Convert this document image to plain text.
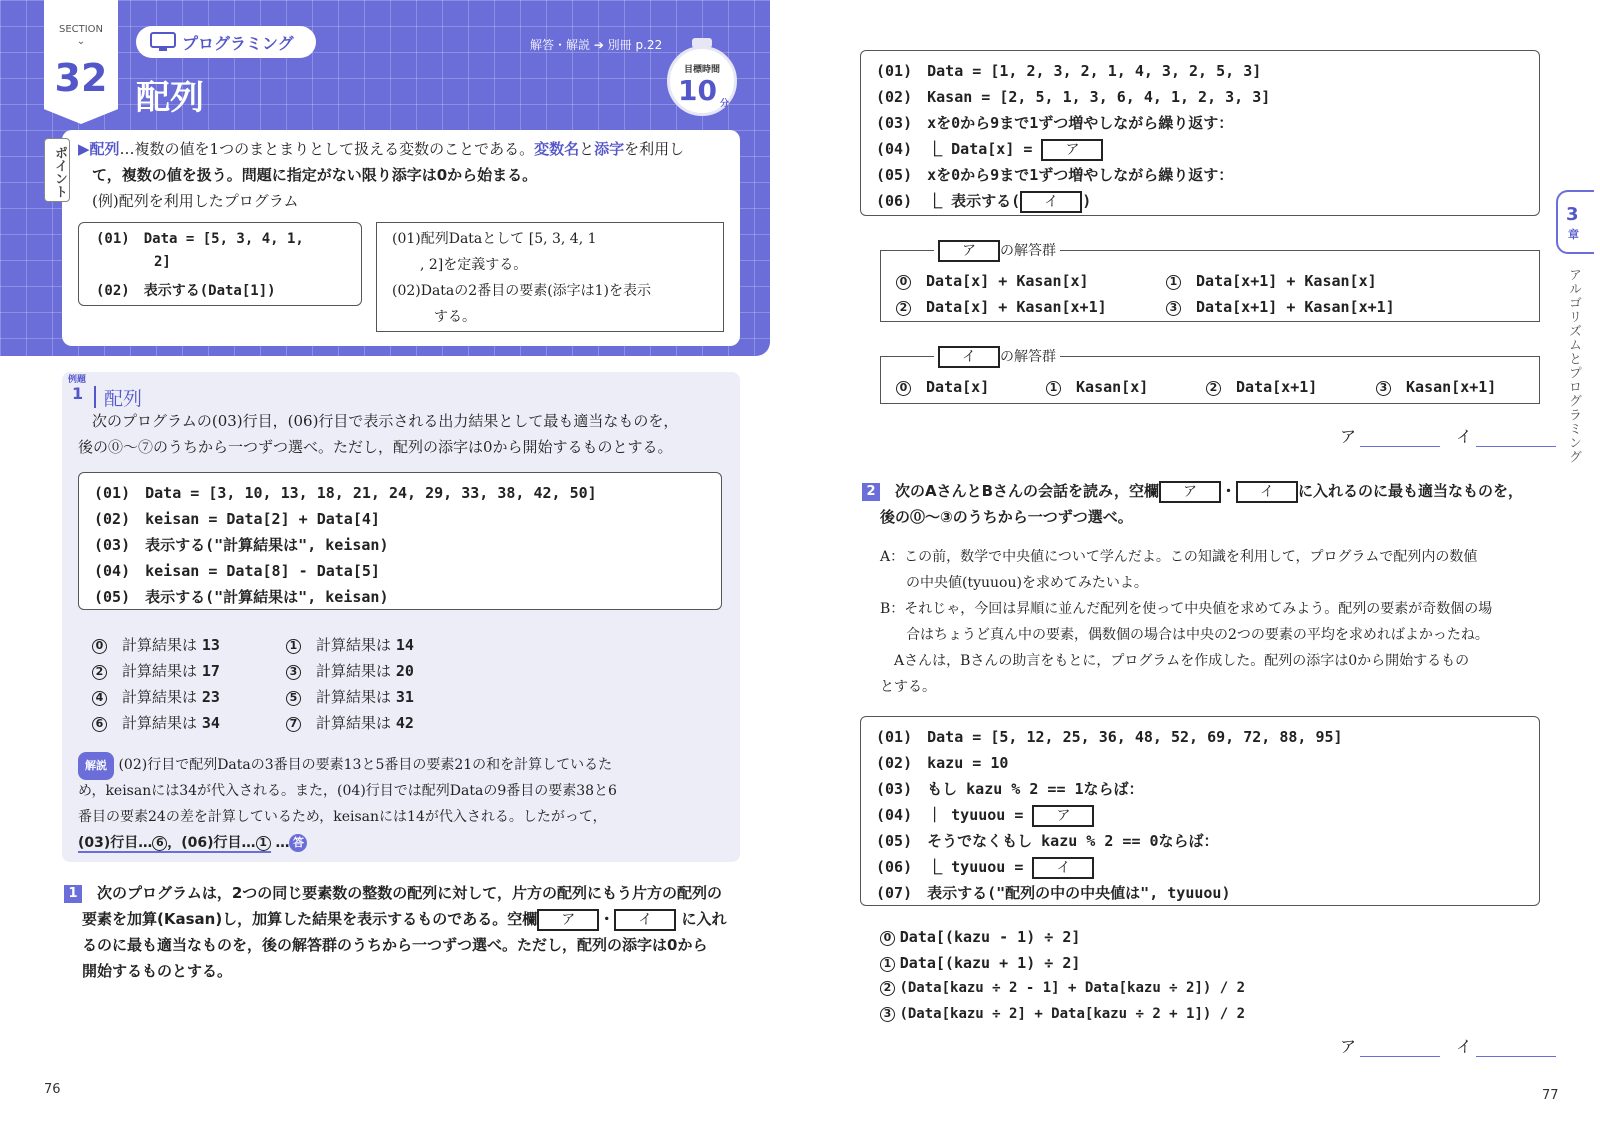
SECTION
⌄
32
プログラミング
配列
解答・解説 ➔ 別冊 p.22
目標時間
10 分
ポイント ▶配列…複数の値を1つのまとまりとして扱える変数のことである。変数名と添字を利用し
て，複数の値を扱う。問題に指定がない限り添字は0から始まる。
(例)配列を利用したプログラム
(01)　Data = [5, 3, 4, 1,
2]
(02)　表示する(Data[1])
(01)配列Dataとして [5, 3, 4, 1
, 2]を定義する。
(02)Dataの2番目の要素(添字は1)を表示
する。
例題
1 配列
次のプログラムの(03)行目，(06)行目で表示される出力結果として最も適当なものを，
後の⓪～⑦のうちから一つずつ選べ。ただし，配列の添字は0から開始するものとする。
(01)　Data = [3, 10, 13, 18, 21, 24, 29, 33, 38, 42, 50]
(02)　keisan = Data[2] + Data[4]
(03)　表示する("計算結果は", keisan)
(04)　keisan = Data[8] - Data[5]
(05)　表示する("計算結果は", keisan)
0　 計算結果は 13	1　 計算結果は 14
2　 計算結果は 17	3　 計算結果は 20
4　 計算結果は 23	5　 計算結果は 31
6　 計算結果は 34	7　 計算結果は 42
解説 (02)行目で配列Dataの3番目の要素13と5番目の要素21の和を計算しているた
め，keisanには34が代入される。また，(04)行目では配列Dataの9番目の要素38と6
番目の要素24の差を計算しているため，keisanには14が代入される。したがって，
(03)行目… 6 ，(06)行目… 1 … 答
1　 次のプログラムは，2つの同じ要素数の整数の配列に対して，片方の配列にもう片方の配列の
要素を加算(Kasan)し，加算した結果を表示するものである。空欄 ア ・ イ に入れ
るのに最も適当なものを，後の解答群のうちから一つずつ選べ。ただし，配列の添字は0から
開始するものとする。
76
(01)　Data = [1, 2, 3, 2, 1, 4, 3, 2, 5, 3]
(02)　Kasan = [2, 5, 1, 3, 6, 4, 1, 2, 3, 3]
(03)　xを0から9まで1ずつ増やしながら繰り返す：
(04)　⎿ Data[x] = ア
(05)　xを0から9まで1ずつ増やしながら繰り返す：
(06)　⎿ 表示する( イ )
ア の解答群
0　 Data[x] + Kasan[x]	1　 Data[x+1] + Kasan[x]
2　 Data[x] + Kasan[x+1]	3　 Data[x+1] + Kasan[x+1]
イ の解答群
0　 Data[x]	1　 Kasan[x]	2　 Data[x+1]	3　 Kasan[x+1]
ア　	イ
2　 次のAさんとBさんの会話を読み，空欄 ア ・ イ に入れるのに最も適当なものを，
後の⓪～③のうちから一つずつ選べ。
A：この前，数学で中央値について学んだよ。この知識を利用して，プログラムで配列内の数値
の中央値(tyuuou)を求めてみたいよ。
B：それじゃ，今回は昇順に並んだ配列を使って中央値を求めてみよう。配列の要素が奇数個の場
合はちょうど真ん中の要素，偶数個の場合は中央の2つの要素の平均を求めればよかったね。
Aさんは，Bさんの助言をもとに，プログラムを作成した。配列の添字は0から開始するもの
とする。
(01)　Data = [5, 12, 25, 36, 48, 52, 69, 72, 88, 95]
(02)　kazu = 10
(03)　もし kazu % 2 == 1ならば：
(04)　｜ tyuuou = ア
(05)　そうでなくもし kazu % 2 == 0ならば：
(06)　⎿ tyuuou = イ
(07)　表示する("配列の中の中央値は", tyuuou)
0 Data[(kazu - 1) ÷ 2]
1 Data[(kazu + 1) ÷ 2]
2 (Data[kazu ÷ 2 - 1] + Data[kazu ÷ 2]) / 2
3 (Data[kazu ÷ 2] + Data[kazu ÷ 2 + 1]) / 2
ア　	イ
3
章
アルゴリズムとプログラミング
77
